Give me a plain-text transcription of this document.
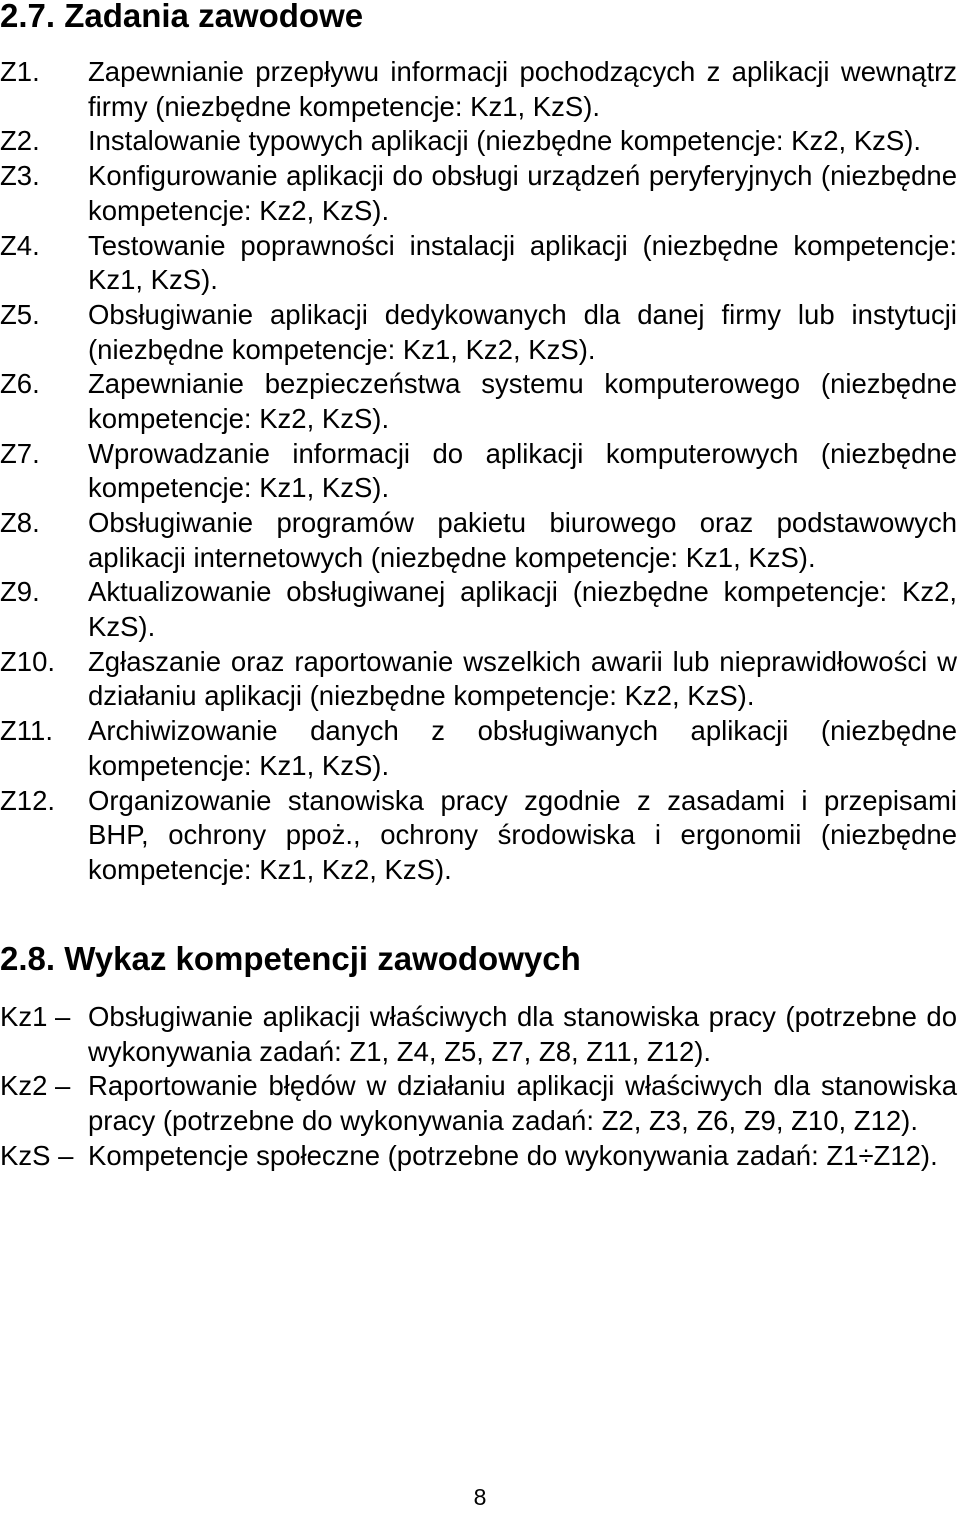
2.7. Zadania zawodowe
Z1.	Zapewnianie przepływu informacji pochodzących z aplikacji wewnątrz firmy (niezbędne kompetencje: Kz1, KzS).
Z2.	Instalowanie typowych aplikacji (niezbędne kompetencje: Kz2, KzS).
Z3.	Konfigurowanie aplikacji do obsługi urządzeń peryferyjnych (niezbędne kompetencje: Kz2, KzS).
Z4.	Testowanie poprawności instalacji aplikacji (niezbędne kompetencje: Kz1, KzS).
Z5.	Obsługiwanie aplikacji dedykowanych dla danej firmy lub instytucji (niezbędne kompetencje: Kz1, Kz2, KzS).
Z6.	Zapewnianie bezpieczeństwa systemu komputerowego (niezbędne kompetencje: Kz2, KzS).
Z7.	Wprowadzanie informacji do aplikacji komputerowych (niezbędne kompetencje: Kz1, KzS).
Z8.	Obsługiwanie programów pakietu biurowego oraz podstawowych aplikacji internetowych (niezbędne kompetencje: Kz1, KzS).
Z9.	Aktualizowanie obsługiwanej aplikacji (niezbędne kompetencje: Kz2, KzS).
Z10.	Zgłaszanie oraz raportowanie wszelkich awarii lub nieprawidłowości w działaniu aplikacji (niezbędne kompetencje: Kz2, KzS).
Z11.	Archiwizowanie danych z obsługiwanych aplikacji (niezbędne kompetencje: Kz1, KzS).
Z12.	Organizowanie stanowiska pracy zgodnie z zasadami i przepisami BHP, ochrony ppoż., ochrony środowiska i ergonomii (niezbędne kompetencje: Kz1, Kz2, KzS).
2.8. Wykaz kompetencji zawodowych
Kz1 – Obsługiwanie aplikacji właściwych dla stanowiska pracy (potrzebne do wykonywania zadań: Z1, Z4, Z5, Z7, Z8, Z11, Z12).
Kz2 – Raportowanie błędów w działaniu aplikacji właściwych dla stanowiska pracy (potrzebne do wykonywania zadań: Z2, Z3, Z6, Z9, Z10, Z12).
KzS – Kompetencje społeczne (potrzebne do wykonywania zadań: Z1÷Z12).

8
